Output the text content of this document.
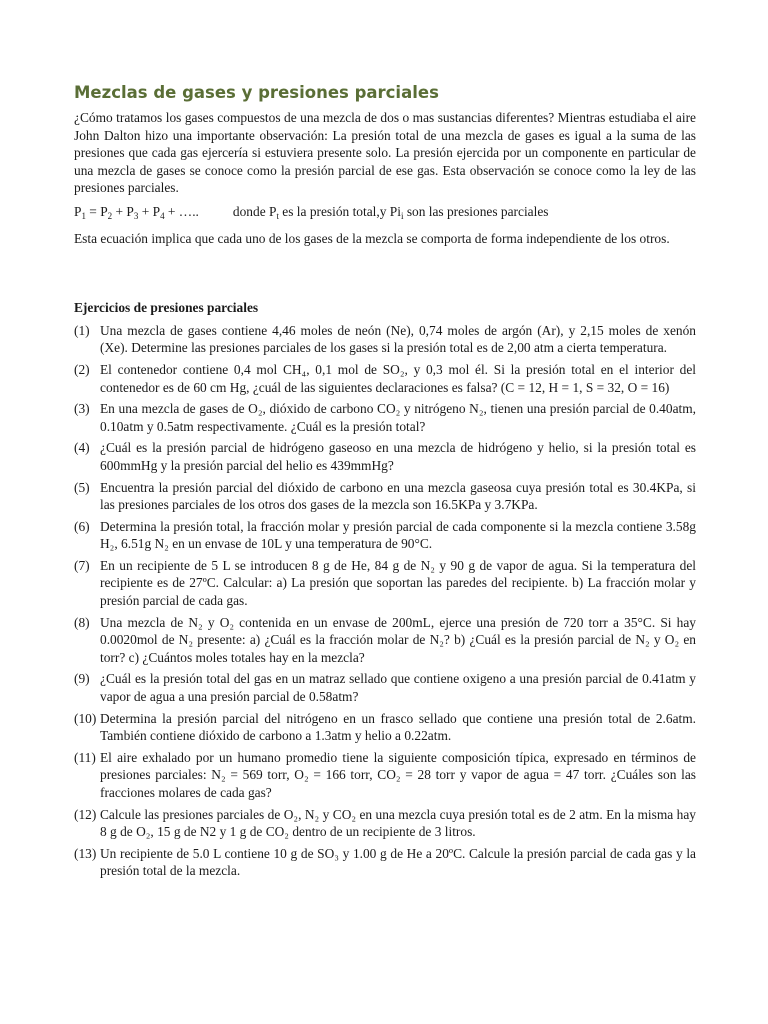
Mezclas de gases y presiones parciales

¿Cómo tratamos los gases compuestos de una mezcla de dos o mas sustancias diferentes? Mientras estudiaba el aire John Dalton hizo una importante observación: La presión total de una mezcla de gases es igual a la suma de las presiones que cada gas ejercería si estuviera presente solo. La presión ejercida por un componente en particular de una mezcla de gases se conoce como la presión parcial de ese gas. Esta observación se conoce como la ley de las presiones parciales.

$P_1 = P_2 + P_3 + P_4$ + …..	donde $P_t$ es la presión total,y $Pi_i$ son las presiones parciales

Esta ecuación implica que cada uno de los gases de la mezcla se comporta de forma independiente de los otros.

Ejercicios de presiones parciales
(1) Una mezcla de gases contiene 4,46 moles de neón (Ne), 0,74 moles de argón (Ar), y 2,15 moles de xenón (Xe). Determine las presiones parciales de los gases si la presión total es de 2,00 atm a cierta temperatura.
(2) El contenedor contiene 0,4 mol CH₄, 0,1 mol de SO₂, y 0,3 mol él. Si la presión total en el interior del contenedor es de 60 cm Hg, ¿cuál de las siguientes declaraciones es falsa? (C = 12, H = 1, S = 32, O = 16)
(3) En una mezcla de gases de O₂, dióxido de carbono CO₂ y nitrógeno N₂, tienen una presión parcial de 0.40atm, 0.10atm y 0.5atm respectivamente. ¿Cuál es la presión total?
(4) ¿Cuál es la presión parcial de hidrógeno gaseoso en una mezcla de hidrógeno y helio, si la presión total es 600mmHg y la presión parcial del helio es 439mmHg?
(5) Encuentra la presión parcial del dióxido de carbono en una mezcla gaseosa cuya presión total es 30.4KPa, si las presiones parciales de los otros dos gases de la mezcla son 16.5KPa y 3.7KPa.
(6) Determina la presión total, la fracción molar y presión parcial de cada componente si la mezcla contiene 3.58g H₂, 6.51g N₂ en un envase de 10L y una temperatura de 90°C.
(7) En un recipiente de 5 L se introducen 8 g de He, 84 g de N₂ y 90 g de vapor de agua. Si la temperatura del recipiente es de 27ºC. Calcular: a) La presión que soportan las paredes del recipiente. b) La fracción molar y presión parcial de cada gas.
(8) Una mezcla de N₂ y O₂ contenida en un envase de 200mL, ejerce una presión de 720 torr a 35°C. Si hay 0.0020mol de N₂ presente: a) ¿Cuál es la fracción molar de N₂? b) ¿Cuál es la presión parcial de N₂ y O₂ en torr? c) ¿Cuántos moles totales hay en la mezcla?
(9) ¿Cuál es la presión total del gas en un matraz sellado que contiene oxigeno a una presión parcial de 0.41atm y vapor de agua a una presión parcial de 0.58atm?
(10) Determina la presión parcial del nitrógeno en un frasco sellado que contiene una presión total de 2.6atm. También contiene dióxido de carbono a 1.3atm y helio a 0.22atm.
(11) El aire exhalado por un humano promedio tiene la siguiente composición típica, expresado en términos de presiones parciales: N₂ = 569 torr, O₂ = 166 torr, CO₂ = 28 torr y vapor de agua = 47 torr. ¿Cuáles son las fracciones molares de cada gas?
(12) Calcule las presiones parciales de O₂, N₂ y CO₂ en una mezcla cuya presión total es de 2 atm. En la misma hay 8 g de O₂, 15 g de N2 y 1 g de CO₂ dentro de un recipiente de 3 litros.
(13) Un recipiente de 5.0 L contiene 10 g de SO₃ y 1.00 g de He a 20ºC. Calcule la presión parcial de cada gas y la presión total de la mezcla.
